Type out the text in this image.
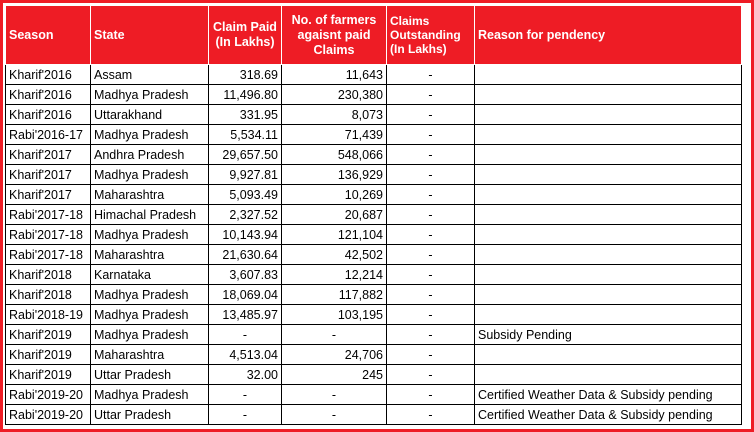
Season	State	Claim Paid (In Lakhs)	No. of farmers agaisnt paid Claims	Claims Outstanding (In Lakhs)	Reason for pendency
Kharif'2016	Assam	318.69	11,643	-	
Kharif'2016	Madhya Pradesh	11,496.80	230,380	-	
Kharif'2016	Uttarakhand	331.95	8,073	-	
Rabi'2016-17	Madhya Pradesh	5,534.11	71,439	-	
Kharif'2017	Andhra Pradesh	29,657.50	548,066	-	
Kharif'2017	Madhya Pradesh	9,927.81	136,929	-	
Kharif'2017	Maharashtra	5,093.49	10,269	-	
Rabi'2017-18	Himachal Pradesh	2,327.52	20,687	-	
Rabi'2017-18	Madhya Pradesh	10,143.94	121,104	-	
Rabi'2017-18	Maharashtra	21,630.64	42,502	-	
Kharif'2018	Karnataka	3,607.83	12,214	-	
Kharif'2018	Madhya Pradesh	18,069.04	117,882	-	
Rabi'2018-19	Madhya Pradesh	13,485.97	103,195	-	
Kharif'2019	Madhya Pradesh	-	-	-	Subsidy Pending
Kharif'2019	Maharashtra	4,513.04	24,706	-	
Kharif'2019	Uttar Pradesh	32.00	245	-	
Rabi'2019-20	Madhya Pradesh	-	-	-	Certified Weather Data & Subsidy pending
Rabi'2019-20	Uttar Pradesh	-	-	-	Certified Weather Data & Subsidy pending
